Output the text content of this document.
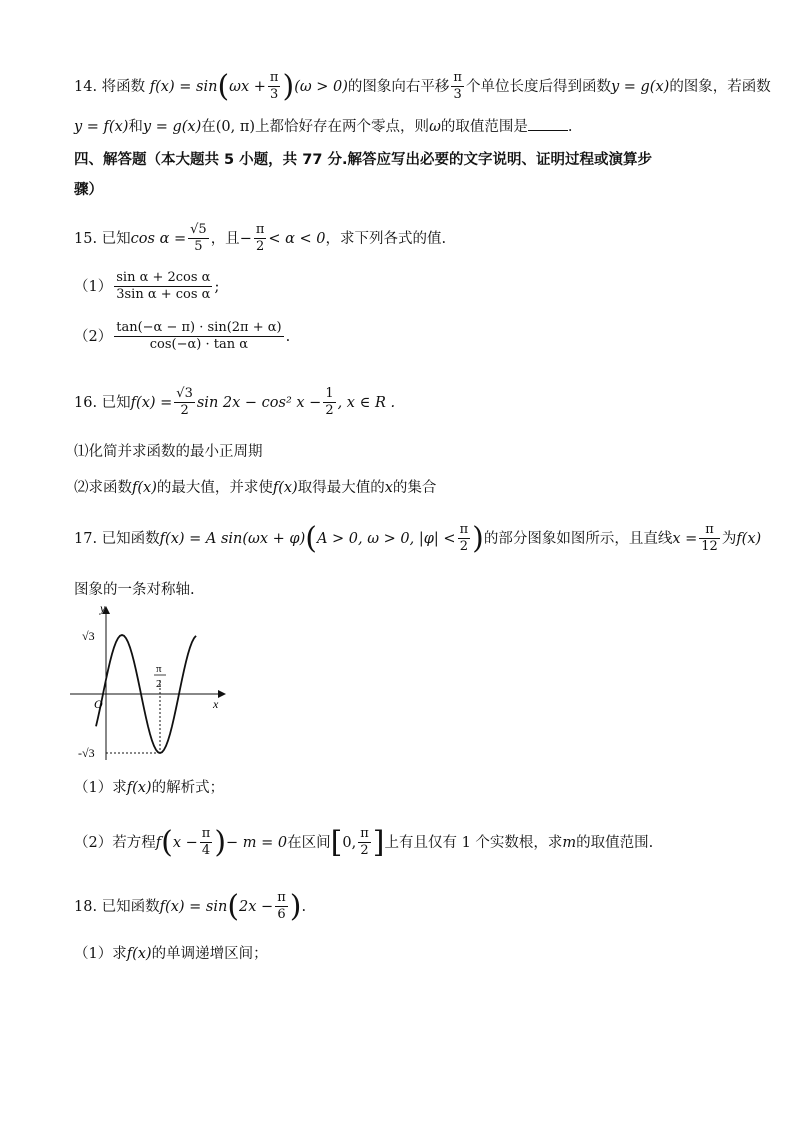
14. 将函数 $f(x) = \sin(\omega x + \frac{\pi}{3} )(\omega > 0)$的图象向右平移 $\frac{\pi}{3}$ 个单位长度后得到函数y = g(x)的图象，若函数
y = f(x)和y = g(x)在(0, π)上都恰好存在两个零点，则ω的取值范围是	.
四、解答题（本大题共 5 小题，共 77 分.解答应写出必要的文字说明、证明过程或演算步
骤）
15. 已知$\cos \alpha = \frac{√5}{5}$ ，且− $\frac{\pi}{2} < \alpha < 0$，求下列各式的值.
$(1) \frac{\text{sin α + 2cos α}}{\text{3sin α + cos α}}$ ;
$(2) \frac{\tan(-\alpha - \pi) \cdot \sin(2\pi + \alpha)}{\text{cos(−α) · tan α}}$ .
16. 已知$f(x) = \frac{√3}{2}$ sin 2x − cos² $x - \frac{1}{2}$ , x ∈ R .
⑴化简并求函数的最小正周期
⑵求函数f(x)的最大值，并求使f(x)取得最大值的x的集合
17. 已知函数f(x) = A sin(ωx + φ)(A > 0, ω > 0, $|\varphi| < \frac{\pi}{2}$ )的部分图象如图所示，且直线$x = \frac{\pi}{12}$ 为f(x)
图象的一条对称轴.
y
x
O
√3
-√3
π
2
（1）求f(x)的解析式；
（2）若方程$f(x - \frac{\pi}{4}$ )− m = 0在区间[0, $\frac{\pi}{2}$ ]上有且仅有 1 个实数根，求m的取值范围.
18. 已知函数$f(x) = \sin(2x - \frac{\pi}{6}$ ).
（1）求f(x)的单调递增区间；
